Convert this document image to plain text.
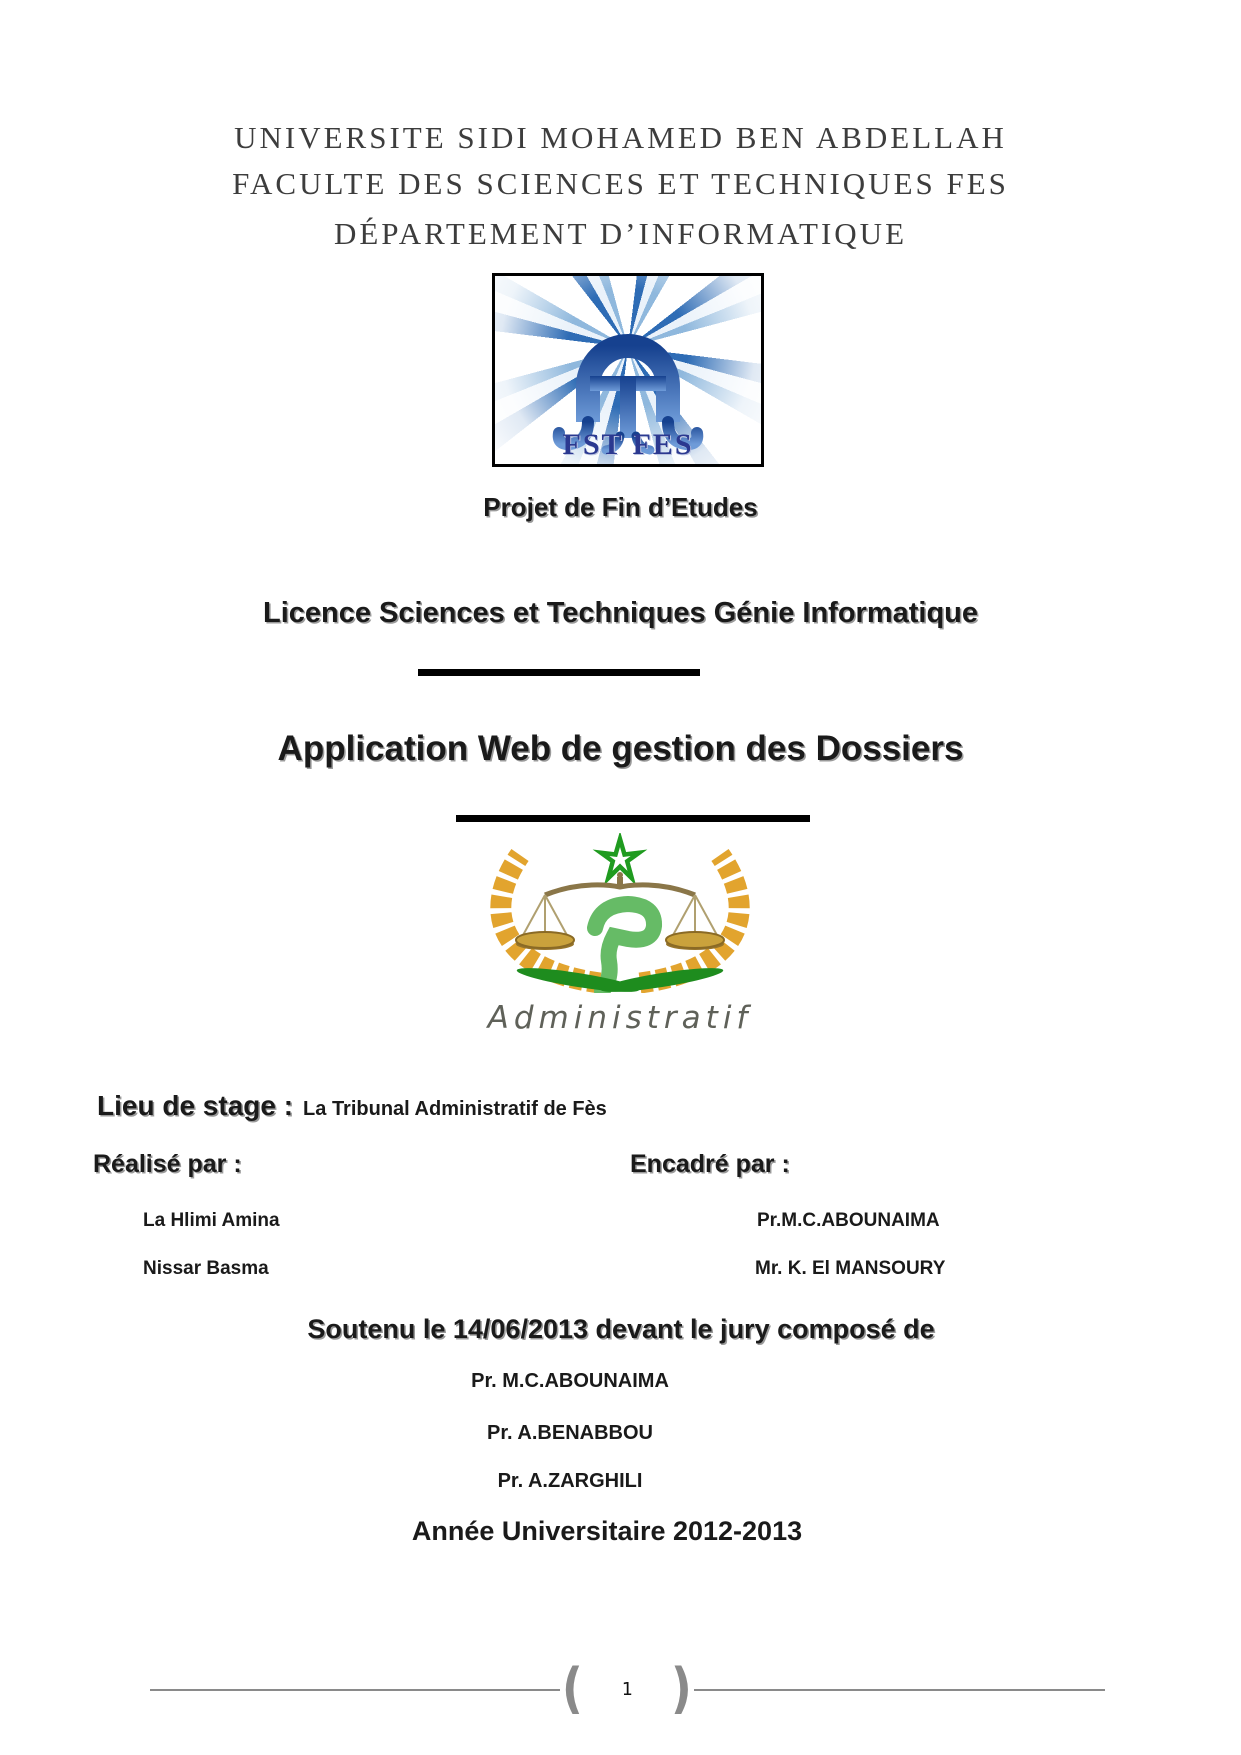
UNIVERSITE SIDI MOHAMED BEN ABDELLAH
FACULTE DES SCIENCES ET TECHNIQUES FES
DÉPARTEMENT D’INFORMATIQUE
FST FES
Projet de Fin d’Etudes
Licence Sciences et Techniques Génie Informatique
Application Web de gestion des Dossiers
Administratif
Lieu de stage : La Tribunal Administratif de Fès
Réalisé par :	Encadré par :
La Hlimi Amina
Nissar Basma
Pr.M.C.ABOUNAIMA
Mr. K. El MANSOURY
Soutenu le 14/06/2013 devant le jury composé de
Pr. M.C.ABOUNAIMA
Pr. A.BENABBOU
Pr. A.ZARGHILI
Année Universitaire 2012-2013
(	1 )
